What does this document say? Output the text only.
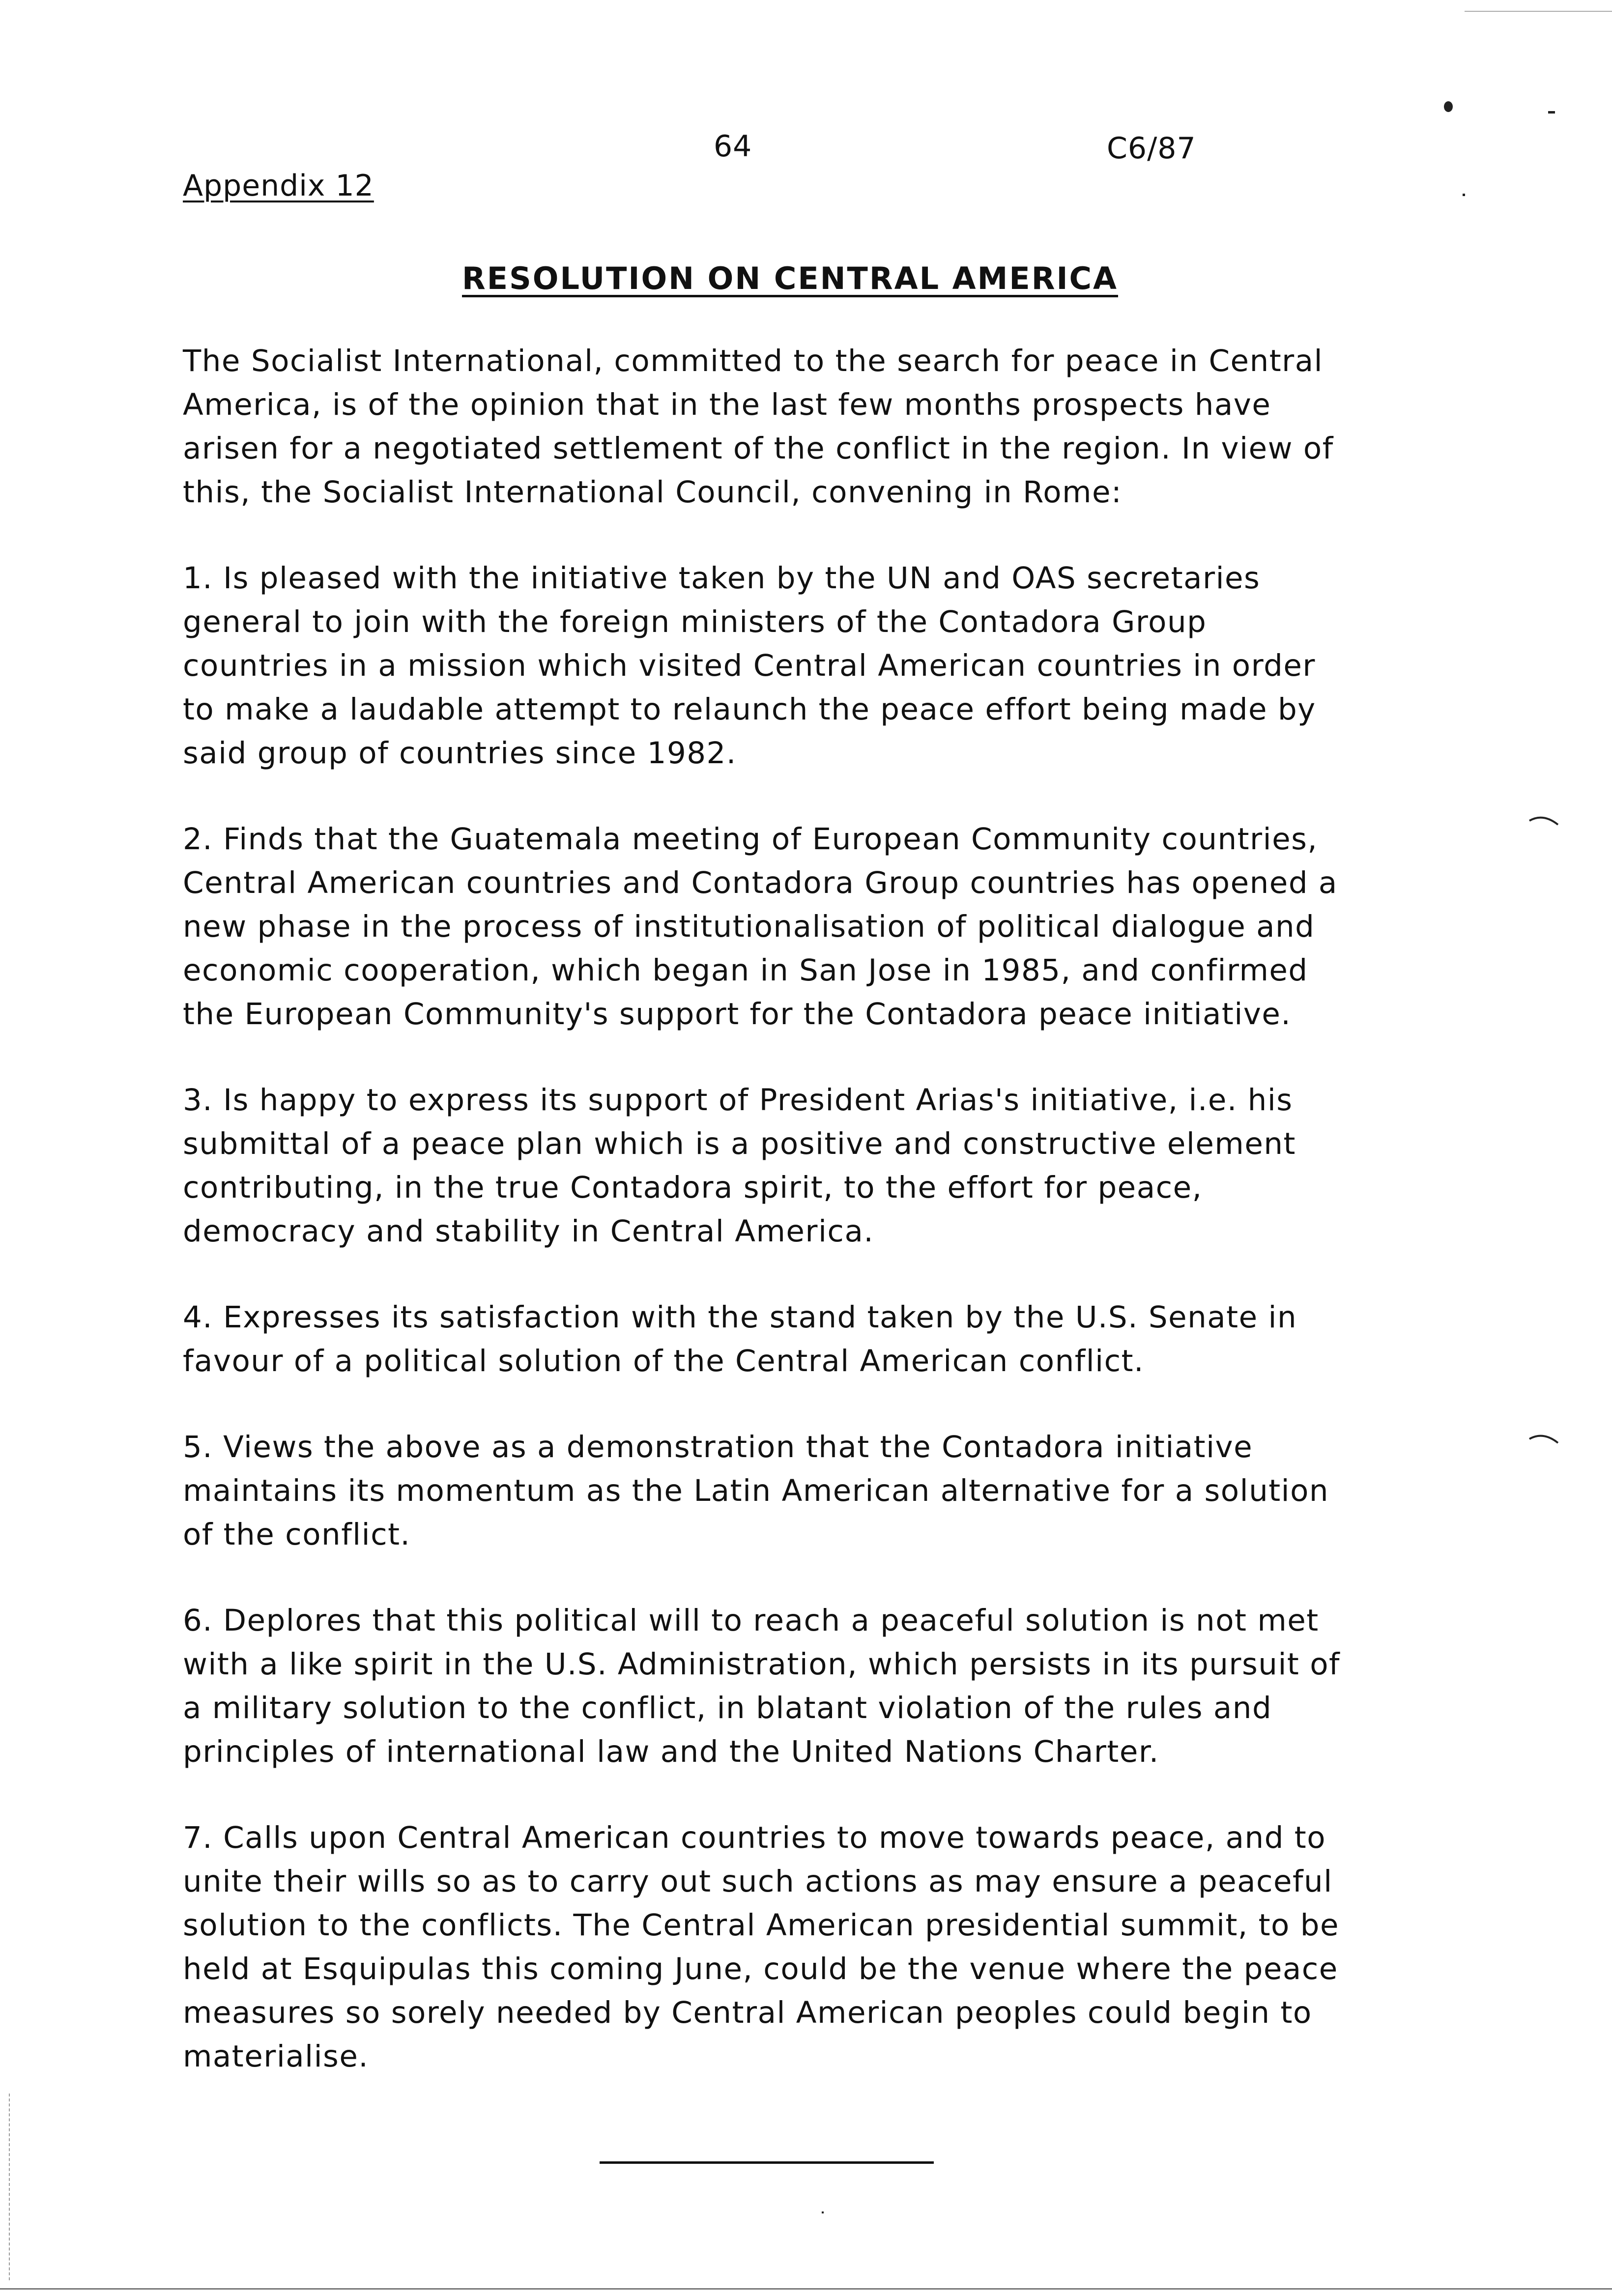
Appendix 12
64	C6/87
RESOLUTION ON CENTRAL AMERICA

The Socialist International, committed to the search for peace in Central America, is of the opinion that in the last few months prospects have arisen for a negotiated settlement of the conflict in the region. In view of this, the Socialist International Council, convening in Rome:

1. Is pleased with the initiative taken by the UN and OAS secretaries general to join with the foreign ministers of the Contadora Group countries in a mission which visited Central American countries in order to make a laudable attempt to relaunch the peace effort being made by said group of countries since 1982.

2. Finds that the Guatemala meeting of European Community countries, Central American countries and Contadora Group countries has opened a new phase in the process of institutionalisation of political dialogue and economic cooperation, which began in San Jose in 1985, and confirmed the European Community's support for the Contadora peace initiative.

3. Is happy to express its support of President Arias's initiative, i.e. his submittal of a peace plan which is a positive and constructive element contributing, in the true Contadora spirit, to the effort for peace, democracy and stability in Central America.

4. Expresses its satisfaction with the stand taken by the U.S. Senate in favour of a political solution of the Central American conflict.

5. Views the above as a demonstration that the Contadora initiative maintains its momentum as the Latin American alternative for a solution of the conflict.

6. Deplores that this political will to reach a peaceful solution is not met with a like spirit in the U.S. Administration, which persists in its pursuit of a military solution to the conflict, in blatant violation of the rules and principles of international law and the United Nations Charter.

7. Calls upon Central American countries to move towards peace, and to unite their wills so as to carry out such actions as may ensure a peaceful solution to the conflicts. The Central American presidential summit, to be held at Esquipulas this coming June, could be the venue where the peace measures so sorely needed by Central American peoples could begin to materialise.
